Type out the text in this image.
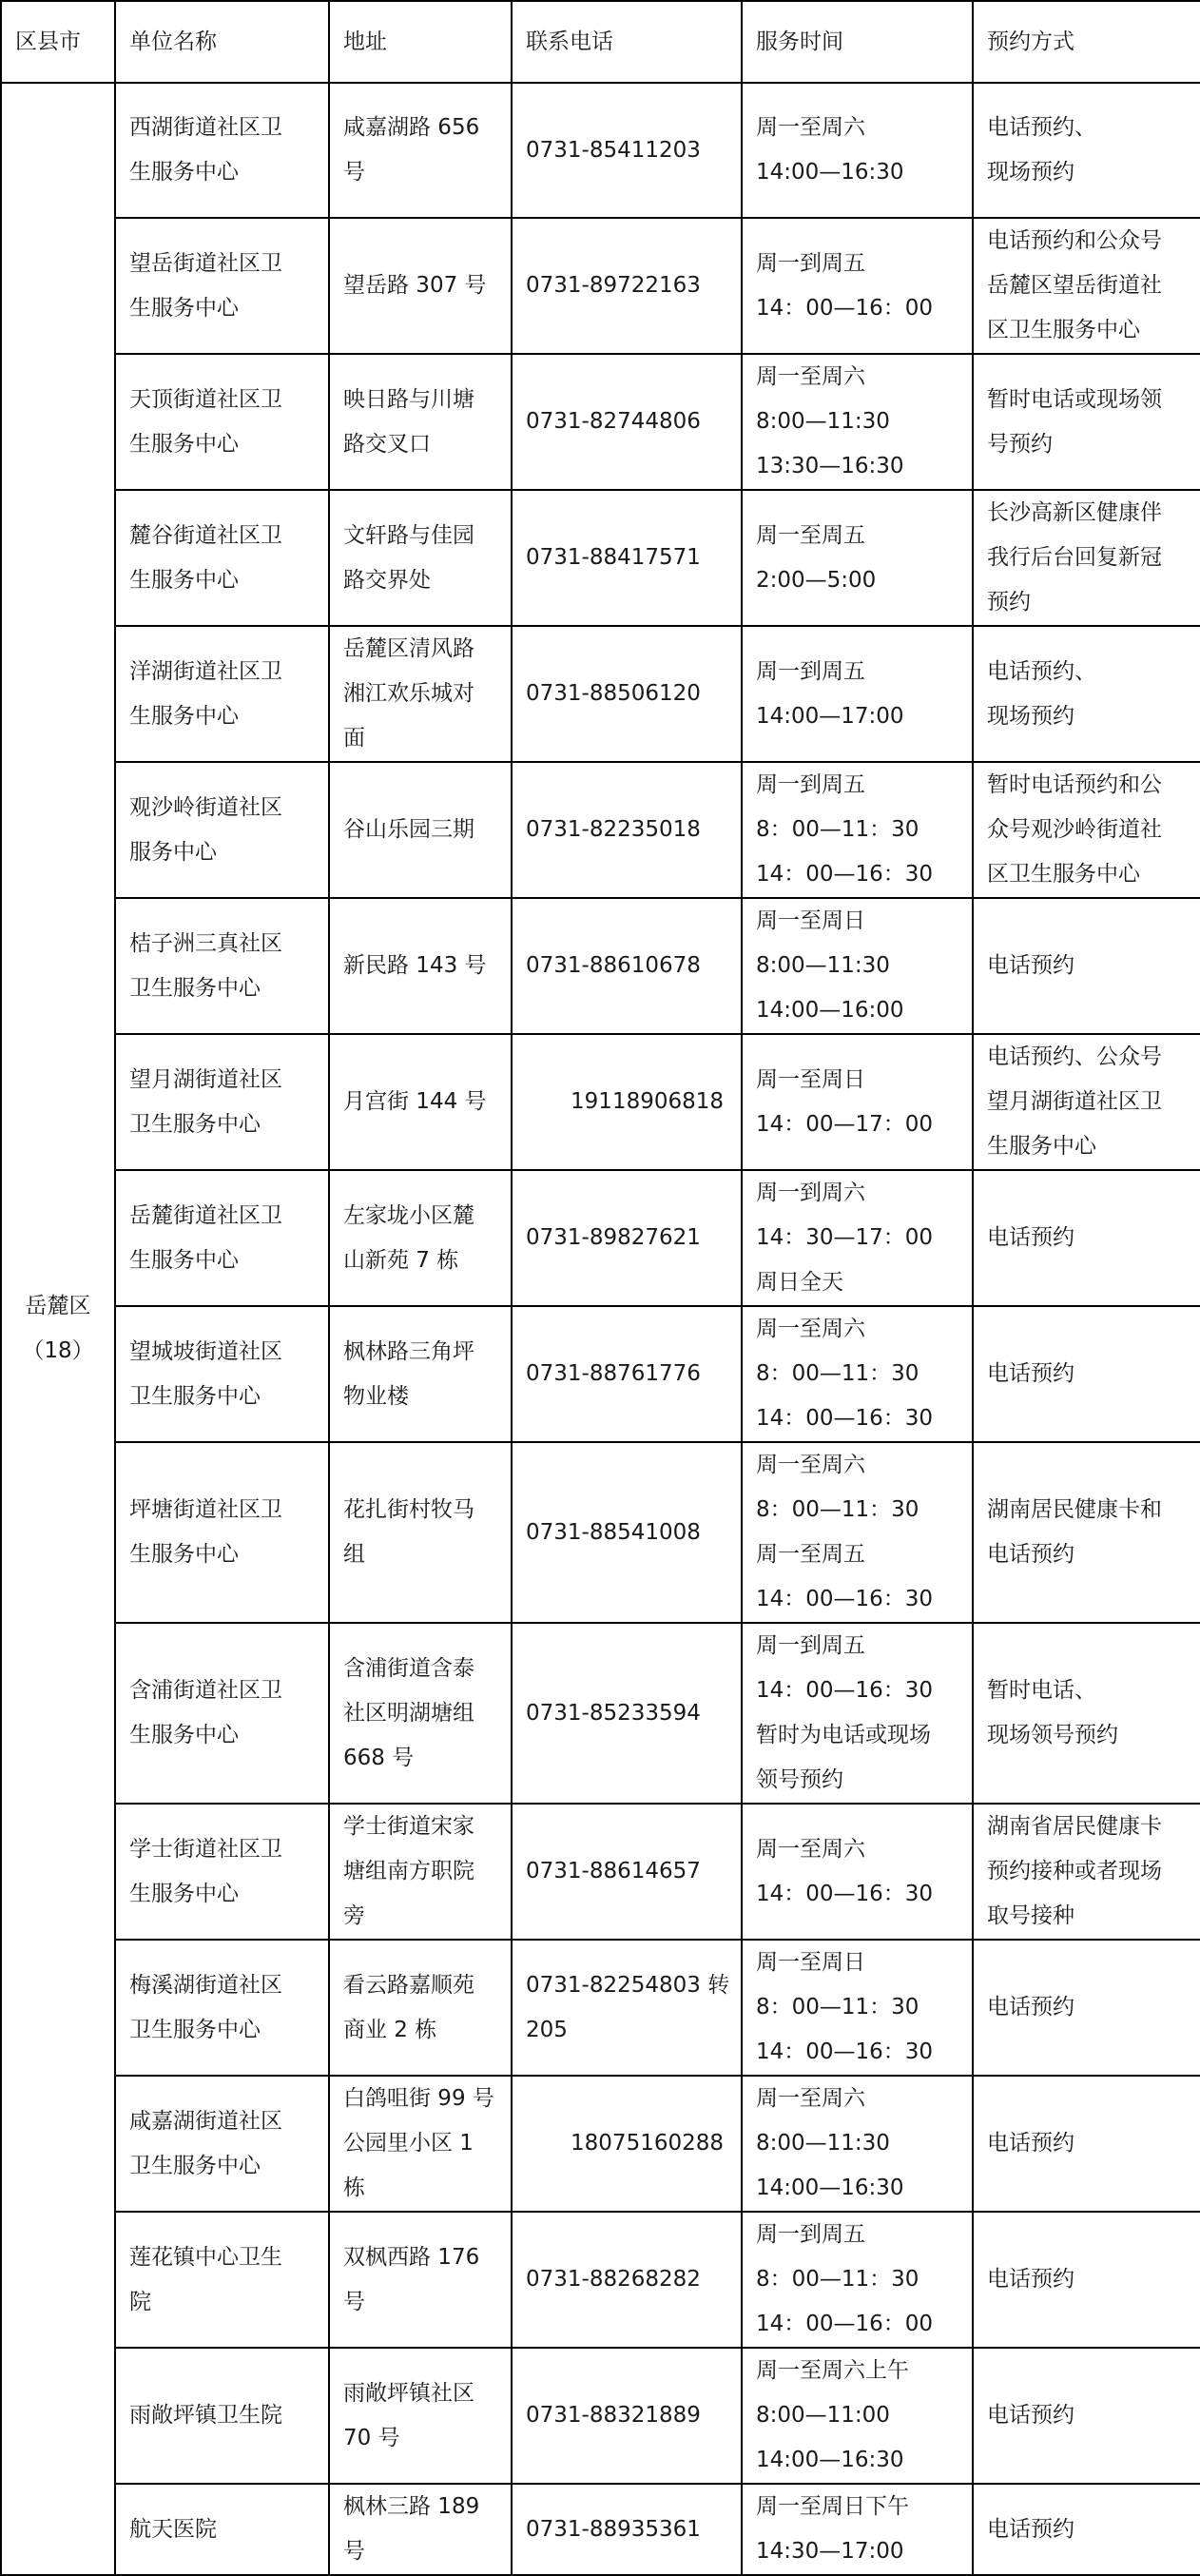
区县市	单位名称	地址	联系电话	服务时间	预约方式

岳麓区
（18）	西湖街道社区卫
生服务中心	咸嘉湖路 656
号	0731-85411203	周一至周六
14:00—16:30	电话预约、
现场预约

	望岳街道社区卫
生服务中心	望岳路 307 号	0731-89722163	周一到周五
14：00—16：00	电话预约和公众号
岳麓区望岳街道社
区卫生服务中心

	天顶街道社区卫
生服务中心	映日路与川塘
路交叉口	0731-82744806	周一至周六
8:00—11:30
13:30—16:30	暂时电话或现场领
号预约

	麓谷街道社区卫
生服务中心	文轩路与佳园
路交界处	0731-88417571	周一至周五
2:00—5:00	长沙高新区健康伴
我行后台回复新冠
预约

	洋湖街道社区卫
生服务中心	岳麓区清风路
湘江欢乐城对
面	0731-88506120	周一到周五
14:00—17:00	电话预约、
现场预约

	观沙岭街道社区
服务中心	谷山乐园三期	0731-82235018	周一到周五
8：00—11：30
14：00—16：30	暂时电话预约和公
众号观沙岭街道社
区卫生服务中心

	桔子洲三真社区
卫生服务中心	新民路 143 号	0731-88610678	周一至周日
8:00—11:30
14:00—16:00	电话预约

	望月湖街道社区
卫生服务中心	月宫街 144 号	19118906818	周一至周日
14：00—17：00	电话预约、公众号
望月湖街道社区卫
生服务中心

	岳麓街道社区卫
生服务中心	左家垅小区麓
山新苑 7 栋	0731-89827621	周一到周六
14：30—17：00
周日全天	电话预约

	望城坡街道社区
卫生服务中心	枫林路三角坪
物业楼	0731-88761776	周一至周六
8：00—11：30
14：00—16：30	电话预约

	坪塘街道社区卫
生服务中心	花扎街村牧马
组	0731-88541008	周一至周六
8：00—11：30
周一至周五
14：00—16：30	湖南居民健康卡和
电话预约

	含浦街道社区卫
生服务中心	含浦街道含泰
社区明湖塘组
668 号	0731-85233594	周一到周五
14：00—16：30
暂时为电话或现场
领号预约	暂时电话、
现场领号预约

	学士街道社区卫
生服务中心	学士街道宋家
塘组南方职院
旁	0731-88614657	周一至周六
14：00—16：30	湖南省居民健康卡
预约接种或者现场
取号接种

	梅溪湖街道社区
卫生服务中心	看云路嘉顺苑
商业 2 栋	0731-82254803 转
205	周一至周日
8：00—11：30
14：00—16：30	电话预约

	咸嘉湖街道社区
卫生服务中心	白鸽咀街 99 号
公园里小区 1
栋	18075160288	周一至周六
8:00—11:30
14:00—16:30	电话预约

	莲花镇中心卫生
院	双枫西路 176
号	0731-88268282	周一到周五
8：00—11：30
14：00—16：00	电话预约

	雨敞坪镇卫生院	雨敞坪镇社区
70 号	0731-88321889	周一至周六上午
8:00—11:00
14:00—16:30	电话预约

	航天医院	枫林三路 189
号	0731-88935361	周一至周日下午
14:30—17:00	电话预约
